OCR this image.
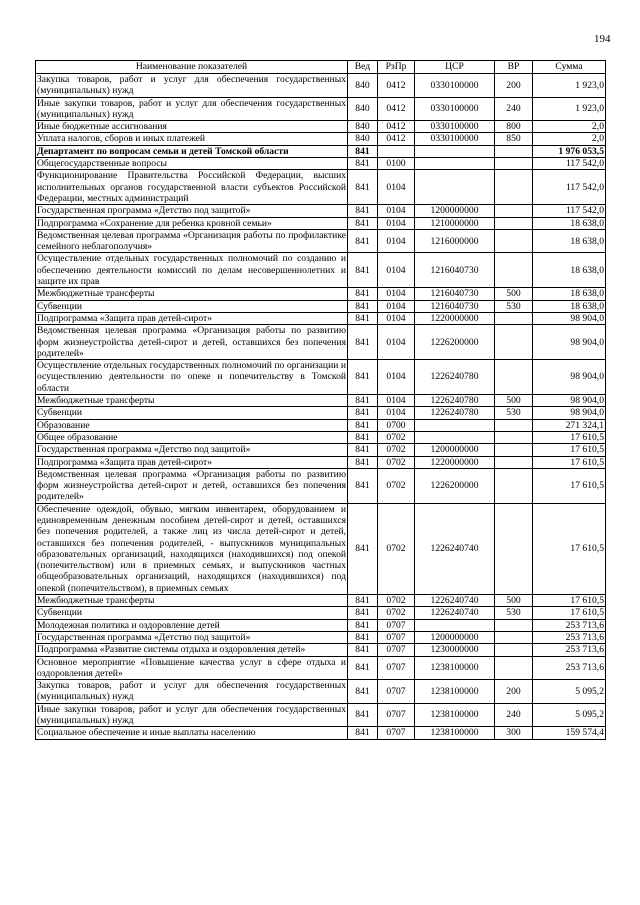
194
Наименование показателей	Вед	РзПр	ЦСР	ВР	Сумма
Закупка товаров, работ и услуг для обеспечения государственных (муниципальных) нужд	840	0412	0330100000	200	1 923,0
Иные закупки товаров, работ и услуг для обеспечения государственных (муниципальных) нужд	840	0412	0330100000	240	1 923,0
Иные бюджетные ассигнования	840	0412	0330100000	800	2,0
Уплата налогов, сборов и иных платежей	840	0412	0330100000	850	2,0
Департамент по вопросам семьи и детей Томской области	841				1 976 053,5
Общегосударственные вопросы	841	0100			117 542,0
Функционирование Правительства Российской Федерации, высших исполнительных органов государственной власти субъектов Российской Федерации, местных администраций	841	0104			117 542,0
Государственная программа «Детство под защитой»	841	0104	1200000000		117 542,0
Подпрограмма «Сохранение для ребенка кровной семьи»	841	0104	1210000000		18 638,0
Ведомственная целевая программа «Организация работы по профилактике семейного неблагополучия»	841	0104	1216000000		18 638,0
Осуществление отдельных государственных полномочий по созданию и обеспечению деятельности комиссий по делам несовершеннолетних и защите их прав	841	0104	1216040730		18 638,0
Межбюджетные трансферты	841	0104	1216040730	500	18 638,0
Субвенции	841	0104	1216040730	530	18 638,0
Подпрограмма «Защита прав детей-сирот»	841	0104	1220000000		98 904,0
Ведомственная целевая программа «Организация работы по развитию форм жизнеустройства детей-сирот и детей, оставшихся без попечения родителей»	841	0104	1226200000		98 904,0
Осуществление отдельных государственных полномочий по организации и осуществлению деятельности по опеке и попечительству в Томской области	841	0104	1226240780		98 904,0
Межбюджетные трансферты	841	0104	1226240780	500	98 904,0
Субвенции	841	0104	1226240780	530	98 904,0
Образование	841	0700			271 324,1
Общее образование	841	0702			17 610,5
Государственная программа «Детство под защитой»	841	0702	1200000000		17 610,5
Подпрограмма «Защита прав детей-сирот»	841	0702	1220000000		17 610,5
Ведомственная целевая программа «Организация работы по развитию форм жизнеустройства детей-сирот и детей, оставшихся без попечения родителей»	841	0702	1226200000		17 610,5
Обеспечение одеждой, обувью, мягким инвентарем, оборудованием и единовременным денежным пособием детей-сирот и детей, оставшихся без попечения родителей, а также лиц из числа детей-сирот и детей, оставшихся без попечения родителей, - выпускников муниципальных образовательных организаций, находящихся (находившихся) под опекой (попечительством) или в приемных семьях, и выпускников частных общеобразовательных организаций, находящихся (находившихся) под опекой (попечительством), в приемных семьях	841	0702	1226240740		17 610,5
Межбюджетные трансферты	841	0702	1226240740	500	17 610,5
Субвенции	841	0702	1226240740	530	17 610,5
Молодежная политика и оздоровление детей	841	0707			253 713,6
Государственная программа «Детство под защитой»	841	0707	1200000000		253 713,6
Подпрограмма «Развитие системы отдыха и оздоровления детей»	841	0707	1230000000		253 713,6
Основное мероприятие «Повышение качества услуг в сфере отдыха и оздоровления детей»	841	0707	1238100000		253 713,6
Закупка товаров, работ и услуг для обеспечения государственных (муниципальных) нужд	841	0707	1238100000	200	5 095,2
Иные закупки товаров, работ и услуг для обеспечения государственных (муниципальных) нужд	841	0707	1238100000	240	5 095,2
Социальное обеспечение и иные выплаты населению	841	0707	1238100000	300	159 574,4
